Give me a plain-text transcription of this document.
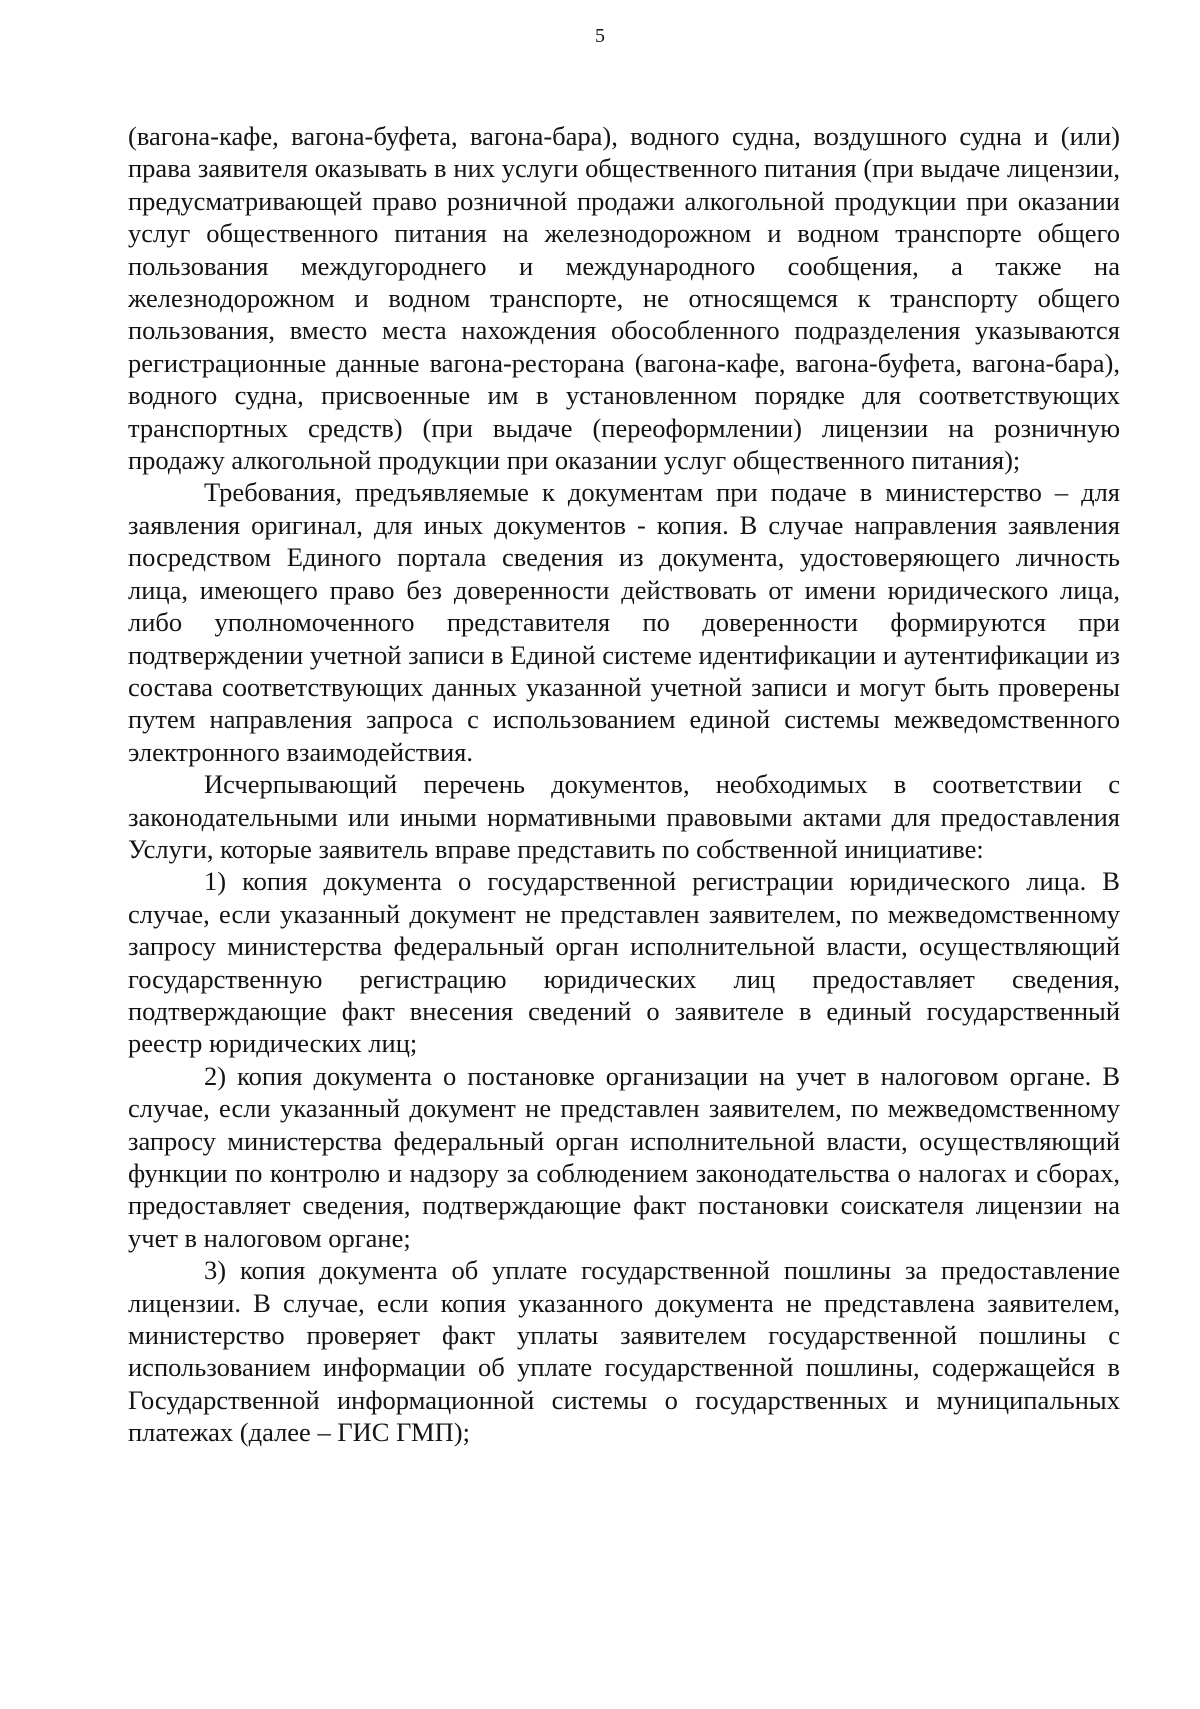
5

(вагона-кафе, вагона-буфета, вагона-бара), водного судна, воздушного судна и (или) права заявителя оказывать в них услуги общественного питания (при выдаче лицензии, предусматривающей право розничной продажи алкогольной продукции при оказании услуг общественного питания на железнодорожном и водном транспорте общего пользования междугороднего и международного сообщения, а также на железнодорожном и водном транспорте, не относящемся к транспорту общего пользования, вместо места нахождения обособленного подразделения указываются регистрационные данные вагона-ресторана (вагона-кафе, вагона-буфета, вагона-бара), водного судна, присвоенные им в установленном порядке для соответствующих транспортных средств) (при выдаче (переоформлении) лицензии на розничную продажу алкогольной продукции при оказании услуг общественного питания);

Требования, предъявляемые к документам при подаче в министерство – для заявления оригинал, для иных документов - копия. В случае направления заявления посредством Единого портала сведения из документа, удостоверяющего личность лица, имеющего право без доверенности действовать от имени юридического лица, либо уполномоченного представителя по доверенности формируются при подтверждении учетной записи в Единой системе идентификации и аутентификации из состава соответствующих данных указанной учетной записи и могут быть проверены путем направления запроса с использованием единой системы межведомственного электронного взаимодействия.

Исчерпывающий перечень документов, необходимых в соответствии с законодательными или иными нормативными правовыми актами для предоставления Услуги, которые заявитель вправе представить по собственной инициативе:

1) копия документа о государственной регистрации юридического лица. В случае, если указанный документ не представлен заявителем, по межведомственному запросу министерства федеральный орган исполнительной власти, осуществляющий государственную регистрацию юридических лиц предоставляет сведения, подтверждающие факт внесения сведений о заявителе в единый государственный реестр юридических лиц;

2) копия документа о постановке организации на учет в налоговом органе. В случае, если указанный документ не представлен заявителем, по межведомственному запросу министерства федеральный орган исполнительной власти, осуществляющий функции по контролю и надзору за соблюдением законодательства о налогах и сборах, предоставляет сведения, подтверждающие факт постановки соискателя лицензии на учет в налоговом органе;

3) копия документа об уплате государственной пошлины за предоставление лицензии. В случае, если копия указанного документа не представлена заявителем, министерство проверяет факт уплаты заявителем государственной пошлины с использованием информации об уплате государственной пошлины, содержащейся в Государственной информационной системы о государственных и муниципальных платежах (далее – ГИС ГМП);
